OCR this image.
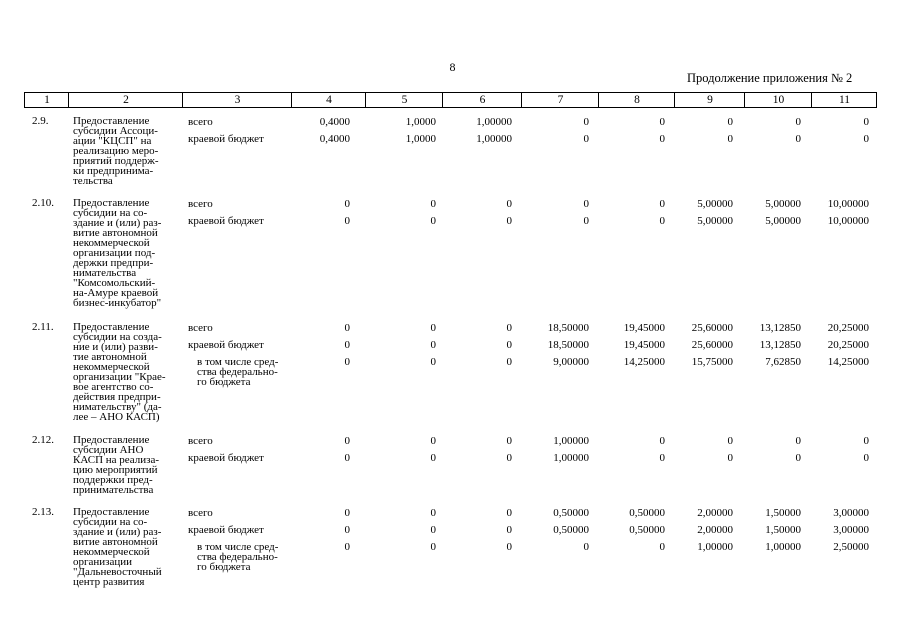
8
Продолжение приложения № 2
1	2	3	4	5	6	7	8	9	10	11
2.9. Предоставление
субсидии Ассоци-
ации "КЦСП" на
реализацию меро-
приятий поддерж-
ки предпринима-
тельства
всего	0,4000	1,0000	1,00000	0	0	0	0	0
краевой бюджет	0,4000	1,0000	1,00000	0	0	0	0	0
2.10. Предоставление
субсидии на со-
здание и (или) раз-
витие автономной
некоммерческой
организации под-
держки предпри-
нимательства
"Комсомольский-
на-Амуре краевой
бизнес-инкубатор"
всего	0	0	0	0	0	5,00000	5,00000	10,00000
краевой бюджет	0	0	0	0	0	5,00000	5,00000	10,00000
2.11. Предоставление
субсидии на созда-
ние и (или) разви-
тие автономной
некоммерческой
организации "Крае-
вое агентство со-
действия предпри-
нимательству" (да-
лее – АНО КАСП)
всего	0	0	0	18,50000	19,45000	25,60000	13,12850	20,25000
краевой бюджет	0	0	0	18,50000	19,45000	25,60000	13,12850	20,25000
в том числе сред-
ства федерально-
го бюджета
0	0	0	9,00000	14,25000	15,75000	7,62850	14,25000
2.12. Предоставление
субсидии АНО
КАСП на реализа-
цию мероприятий
поддержки пред-
принимательства
всего	0	0	0	1,00000	0	0	0	0
краевой бюджет	0	0	0	1,00000	0	0	0	0
2.13. Предоставление
субсидии на со-
здание и (или) раз-
витие автономной
некоммерческой
организации
"Дальневосточный
центр развития
всего	0	0	0	0,50000	0,50000	2,00000	1,50000	3,00000
краевой бюджет	0	0	0	0,50000	0,50000	2,00000	1,50000	3,00000
в том числе сред-
ства федерально-
го бюджета
0	0	0	0	0	1,00000	1,00000	2,50000
